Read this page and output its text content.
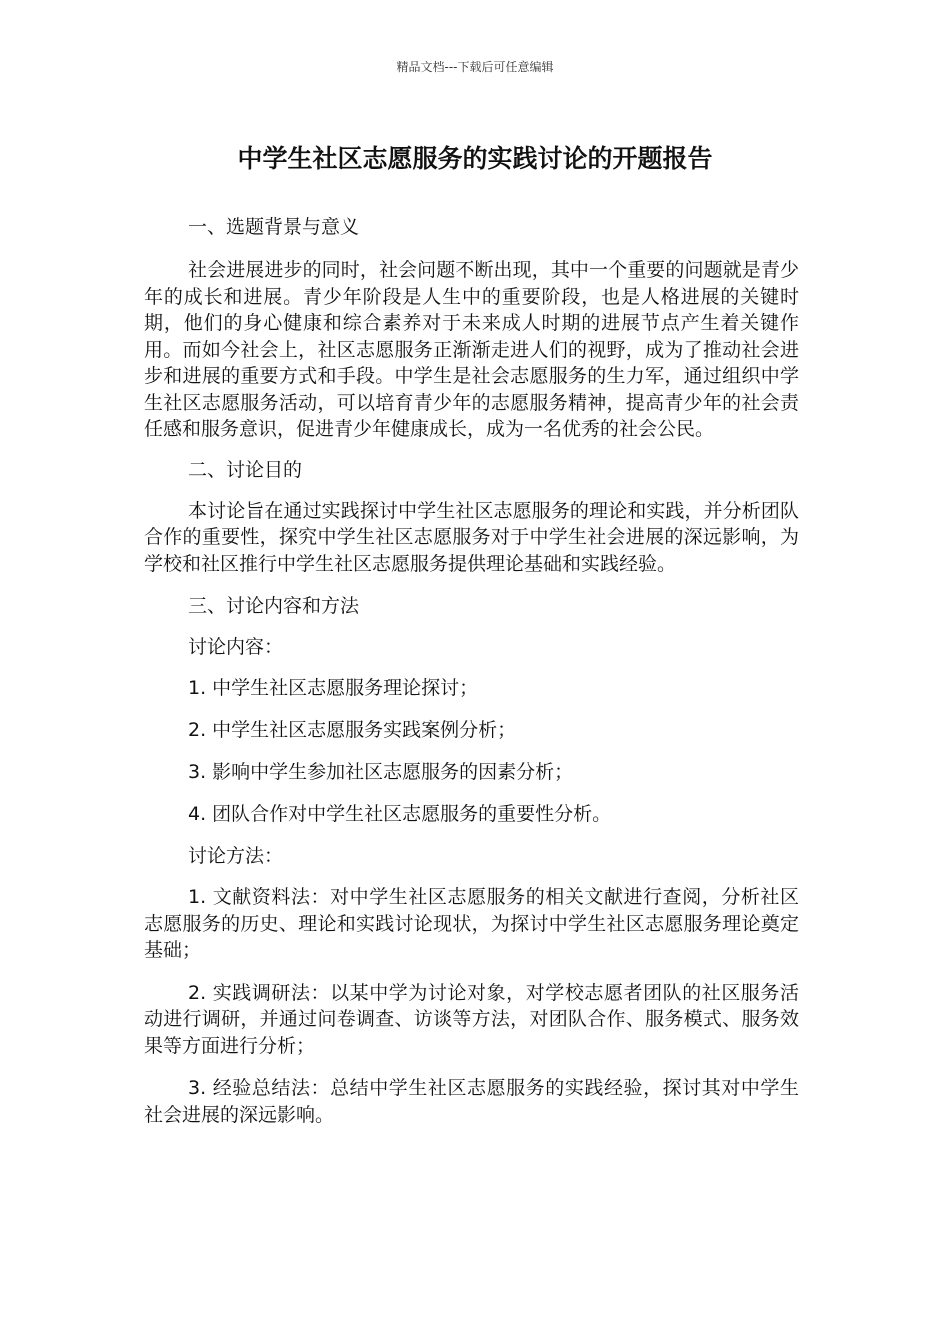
精品文档---下载后可任意编辑
中学生社区志愿服务的实践讨论的开题报告

一、选题背景与意义

社会进展进步的同时，社会问题不断出现，其中一个重要的问题就是青少年的成长和进展。青少年阶段是人生中的重要阶段，也是人格进展的关键时期，他们的身心健康和综合素养对于未来成人时期的进展节点产生着关键作用。而如今社会上，社区志愿服务正渐渐走进人们的视野，成为了推动社会进步和进展的重要方式和手段。中学生是社会志愿服务的生力军，通过组织中学生社区志愿服务活动，可以培育青少年的志愿服务精神，提高青少年的社会责任感和服务意识，促进青少年健康成长，成为一名优秀的社会公民。

二、讨论目的

本讨论旨在通过实践探讨中学生社区志愿服务的理论和实践，并分析团队合作的重要性，探究中学生社区志愿服务对于中学生社会进展的深远影响，为学校和社区推行中学生社区志愿服务提供理论基础和实践经验。

三、讨论内容和方法

讨论内容：

1. 中学生社区志愿服务理论探讨；

2. 中学生社区志愿服务实践案例分析；

3. 影响中学生参加社区志愿服务的因素分析；

4. 团队合作对中学生社区志愿服务的重要性分析。

讨论方法：

1. 文献资料法：对中学生社区志愿服务的相关文献进行查阅，分析社区志愿服务的历史、理论和实践讨论现状，为探讨中学生社区志愿服务理论奠定基础；

2. 实践调研法：以某中学为讨论对象，对学校志愿者团队的社区服务活动进行调研，并通过问卷调查、访谈等方法，对团队合作、服务模式、服务效果等方面进行分析；

3. 经验总结法：总结中学生社区志愿服务的实践经验，探讨其对中学生社会进展的深远影响。
